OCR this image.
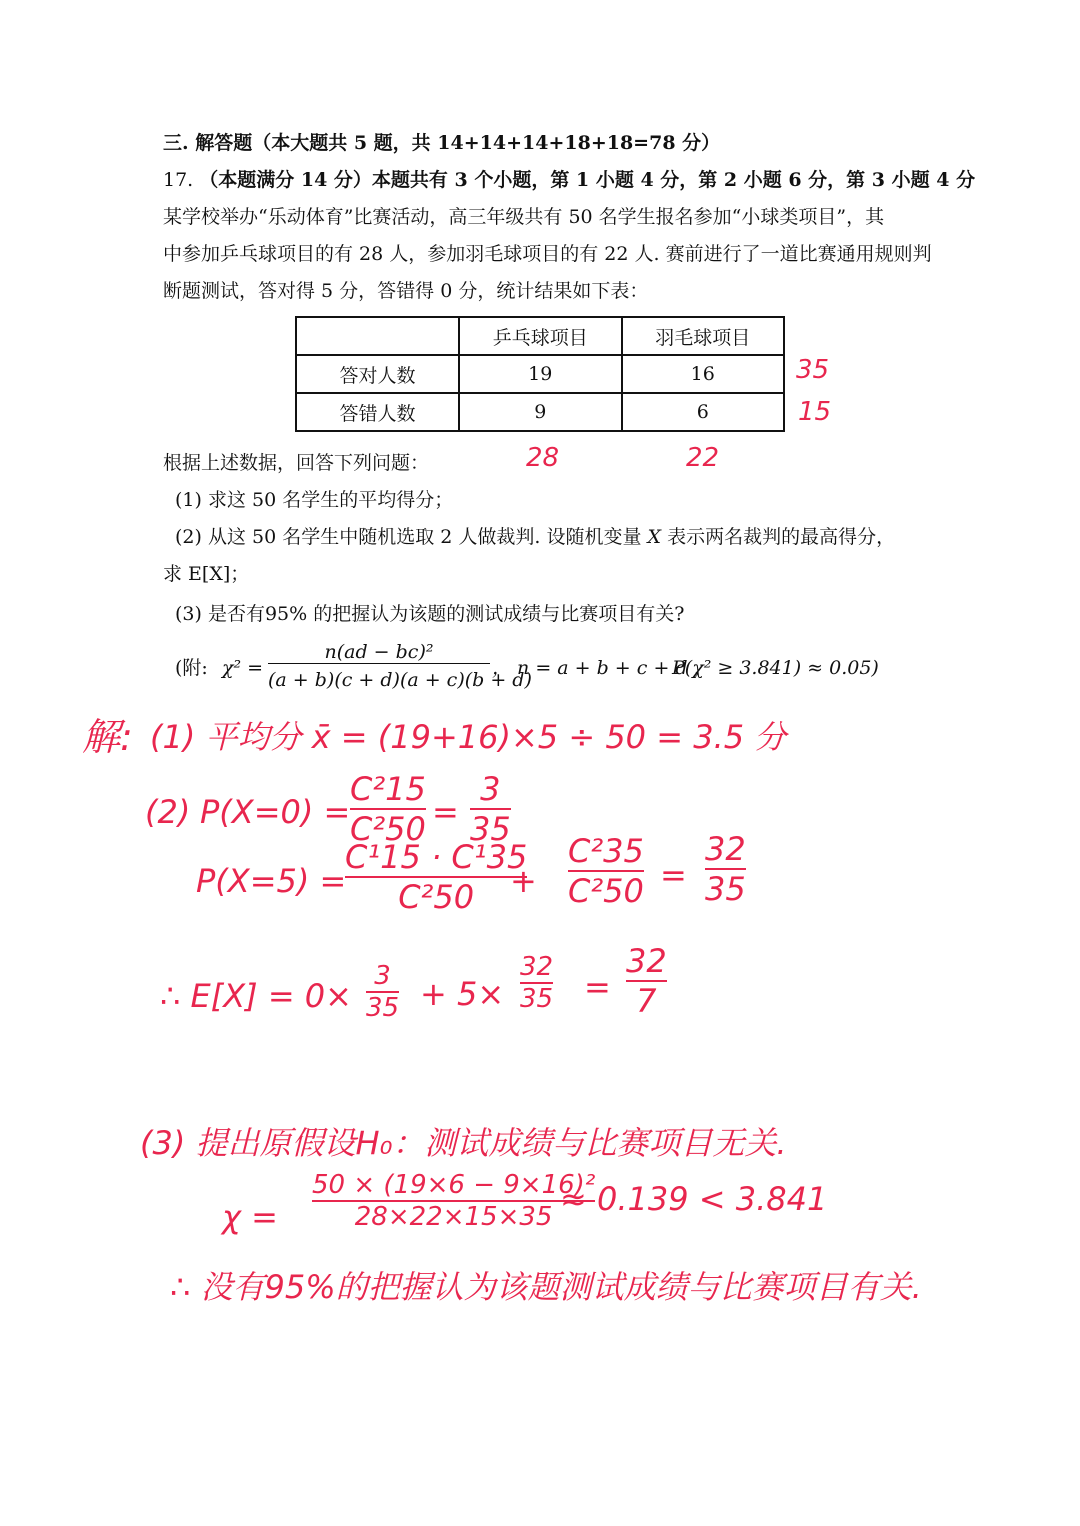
三. 解答题（本大题共 5 题，共 14+14+14+18+18=78 分）
17. （本题满分 14 分）本题共有 3 个小题，第 1 小题 4 分，第 2 小题 6 分，第 3 小题 4 分
某学校举办“乐动体育”比赛活动，高三年级共有 50 名学生报名参加“小球类项目”，其
中参加乒乓球项目的有 28 人，参加羽毛球项目的有 22 人. 赛前进行了一道比赛通用规则判
断题测试，答对得 5 分，答错得 0 分，统计结果如下表：
	乒乓球项目	羽毛球项目
答对人数	19	16
答错人数	9	6
根据上述数据，回答下列问题：
(1) 求这 50 名学生的平均得分；
(2) 从这 50 名学生中随机选取 2 人做裁判. 设随机变量 X 表示两名裁判的最高得分，
求 E[X]；
(3) 是否有95% 的把握认为该题的测试成绩与比赛项目有关?
(附: χ² =
n(ad − bc)²
(a + b)(c + d)(a + c)(b + d)
， n = a + b + c + d ，
P(χ² ≥ 3.841) ≈ 0.05)
35
15
28	22
解: (1) 平均分 x̄ = (19+16)×5 ÷ 50 = 3.5 分
(2) P(X=0) =
C²15
C²50 =
3
35
P(X=5) =
C¹15 · C¹35
C²50 +
C²35
C²50 =
32
35
∴ E[X] = 0×
3
35 + 5×
32
35 =
32
7
(3) 提出原假设H₀：测试成绩与比赛项目无关.
χ =
50 × (19×6 − 9×16)²
28×22×15×35 ≈ 0.139 < 3.841
∴ 没有95%的把握认为该题测试成绩与比赛项目有关.
